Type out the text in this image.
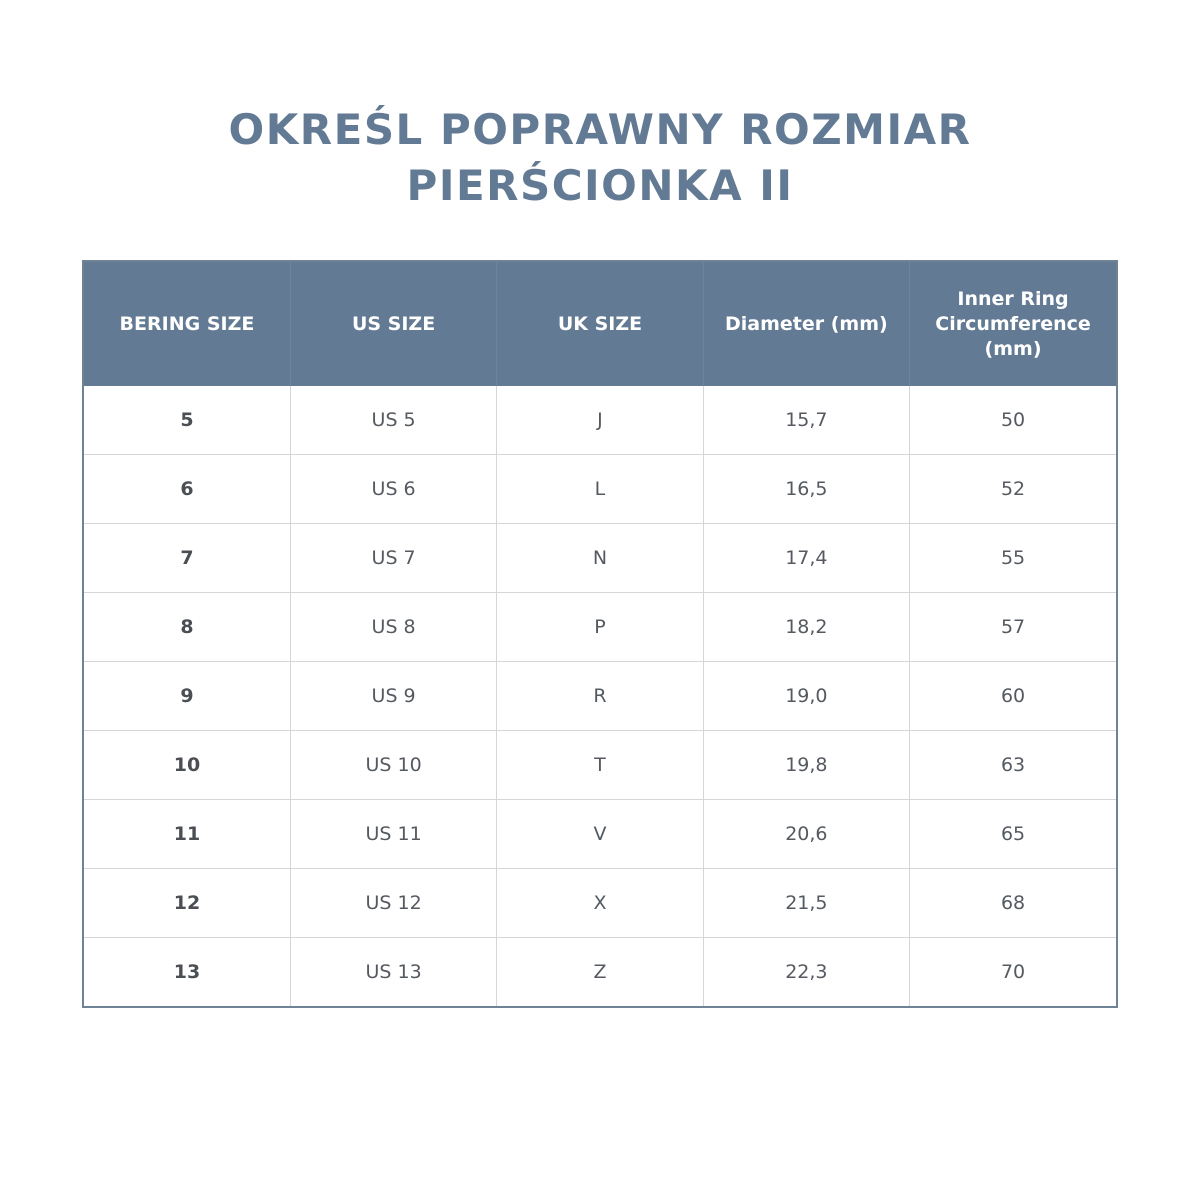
OKREŚL POPRAWNY ROZMIAR
PIERŚCIONKA II
BERING SIZE	US SIZE	UK SIZE	Diameter (mm)	Inner Ring Circumference (mm)
5	US 5	J	15,7	50
6	US 6	L	16,5	52
7	US 7	N	17,4	55
8	US 8	P	18,2	57
9	US 9	R	19,0	60
10	US 10	T	19,8	63
11	US 11	V	20,6	65
12	US 12	X	21,5	68
13	US 13	Z	22,3	70
